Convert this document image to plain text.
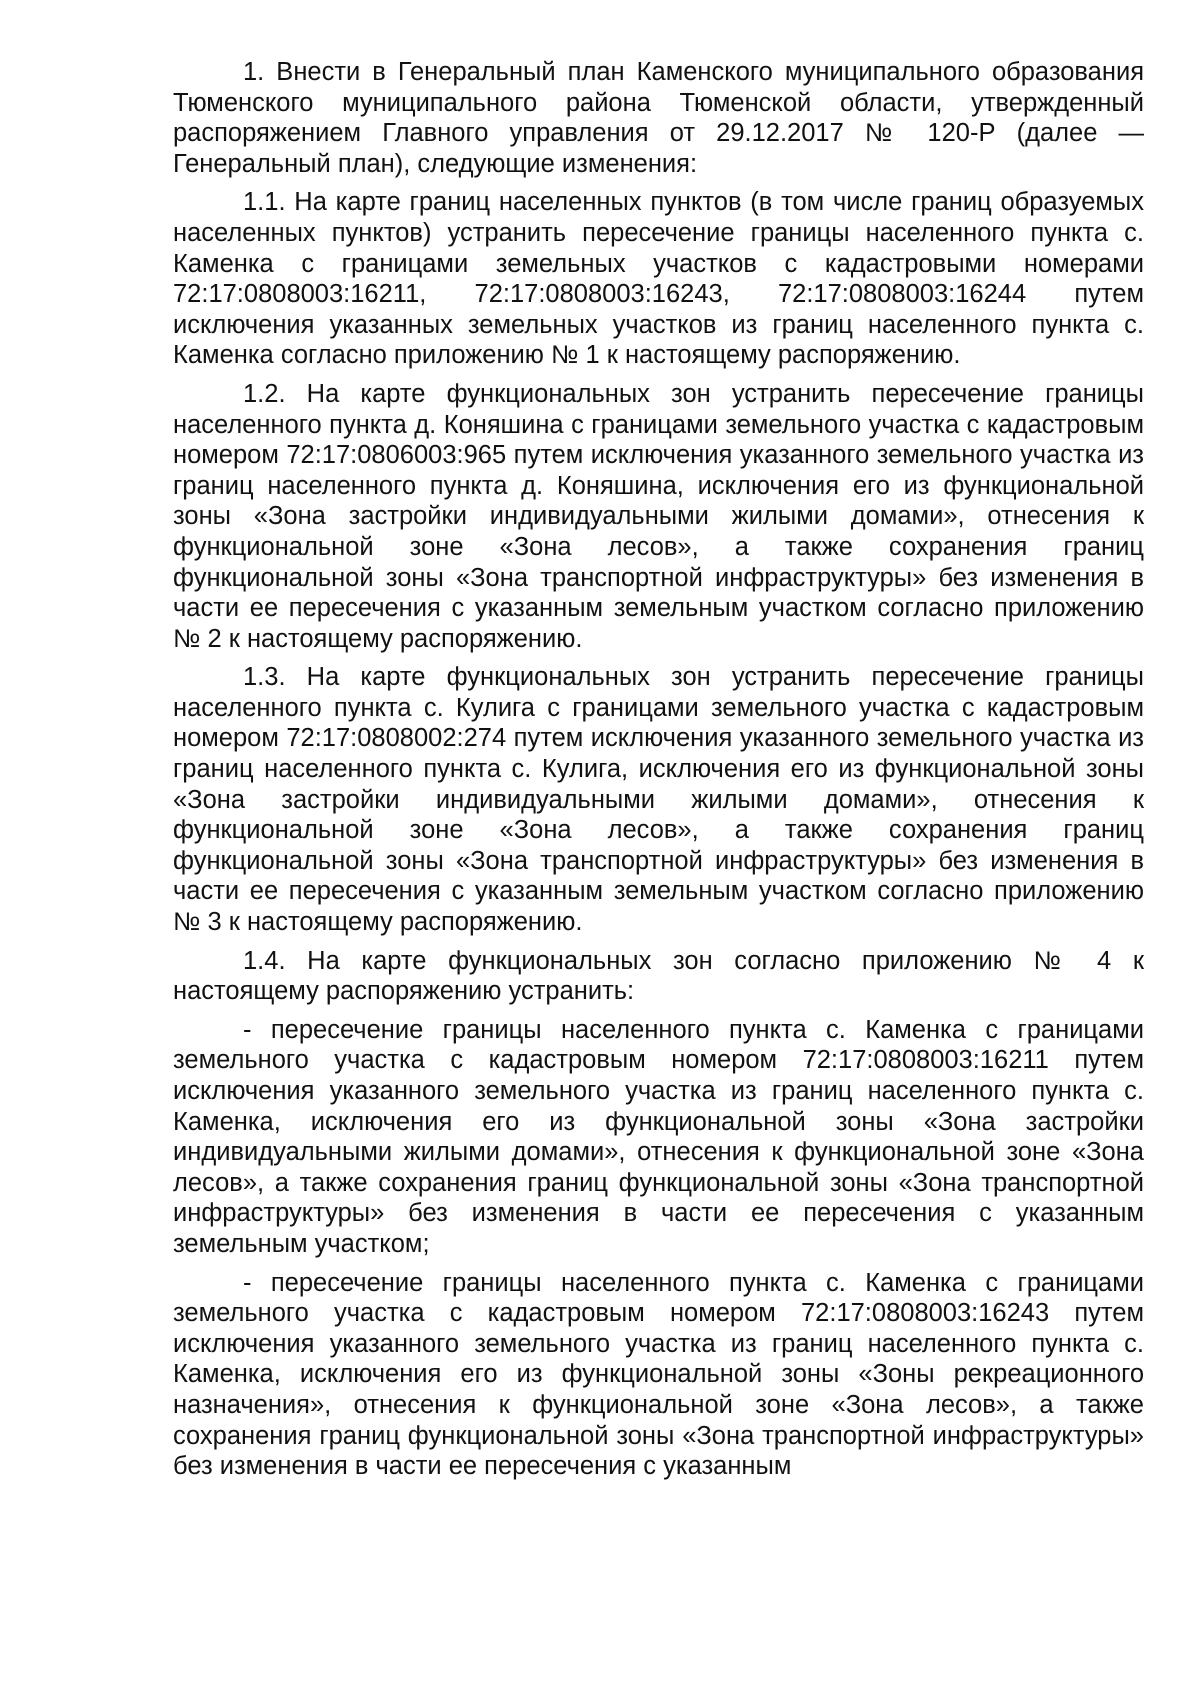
1. Внести в Генеральный план Каменского муниципального образования Тюменского муниципального района Тюменской области, утвержденный распоряжением Главного управления от 29.12.2017 № 120-Р (далее — Генеральный план), следующие изменения:

1.1. На карте границ населенных пунктов (в том числе границ образуемых населенных пунктов) устранить пересечение границы населенного пункта с. Каменка с границами земельных участков с кадастровыми номерами 72:17:0808003:16211, 72:17:0808003:16243, 72:17:0808003:16244 путем исключения указанных земельных участков из границ населенного пункта с. Каменка согласно приложению № 1 к настоящему распоряжению.

1.2. На карте функциональных зон устранить пересечение границы населенного пункта д. Коняшина с границами земельного участка с кадастровым номером 72:17:0806003:965 путем исключения указанного земельного участка из границ населенного пункта д. Коняшина, исключения его из функциональной зоны «Зона застройки индивидуальными жилыми домами», отнесения к функциональной зоне «Зона лесов», а также сохранения границ функциональной зоны «Зона транспортной инфраструктуры» без изменения в части ее пересечения с указанным земельным участком согласно приложению № 2 к настоящему распоряжению.

1.3. На карте функциональных зон устранить пересечение границы населенного пункта с. Кулига с границами земельного участка с кадастровым номером 72:17:0808002:274 путем исключения указанного земельного участка из границ населенного пункта с. Кулига, исключения его из функциональной зоны «Зона застройки индивидуальными жилыми домами», отнесения к функциональной зоне «Зона лесов», а также сохранения границ функциональной зоны «Зона транспортной инфраструктуры» без изменения в части ее пересечения с указанным земельным участком согласно приложению № 3 к настоящему распоряжению.

1.4. На карте функциональных зон согласно приложению № 4 к настоящему распоряжению устранить:

- пересечение границы населенного пункта с. Каменка с границами земельного участка с кадастровым номером 72:17:0808003:16211 путем исключения указанного земельного участка из границ населенного пункта с. Каменка, исключения его из функциональной зоны «Зона застройки индивидуальными жилыми домами», отнесения к функциональной зоне «Зона лесов», а также сохранения границ функциональной зоны «Зона транспортной инфраструктуры» без изменения в части ее пересечения с указанным земельным участком;

- пересечение границы населенного пункта с. Каменка с границами земельного участка с кадастровым номером 72:17:0808003:16243 путем исключения указанного земельного участка из границ населенного пункта с. Каменка, исключения его из функциональной зоны «Зоны рекреационного назначения», отнесения к функциональной зоне «Зона лесов», а также сохранения границ функциональной зоны «Зона транспортной инфраструктуры» без изменения в части ее пересечения с указанным
